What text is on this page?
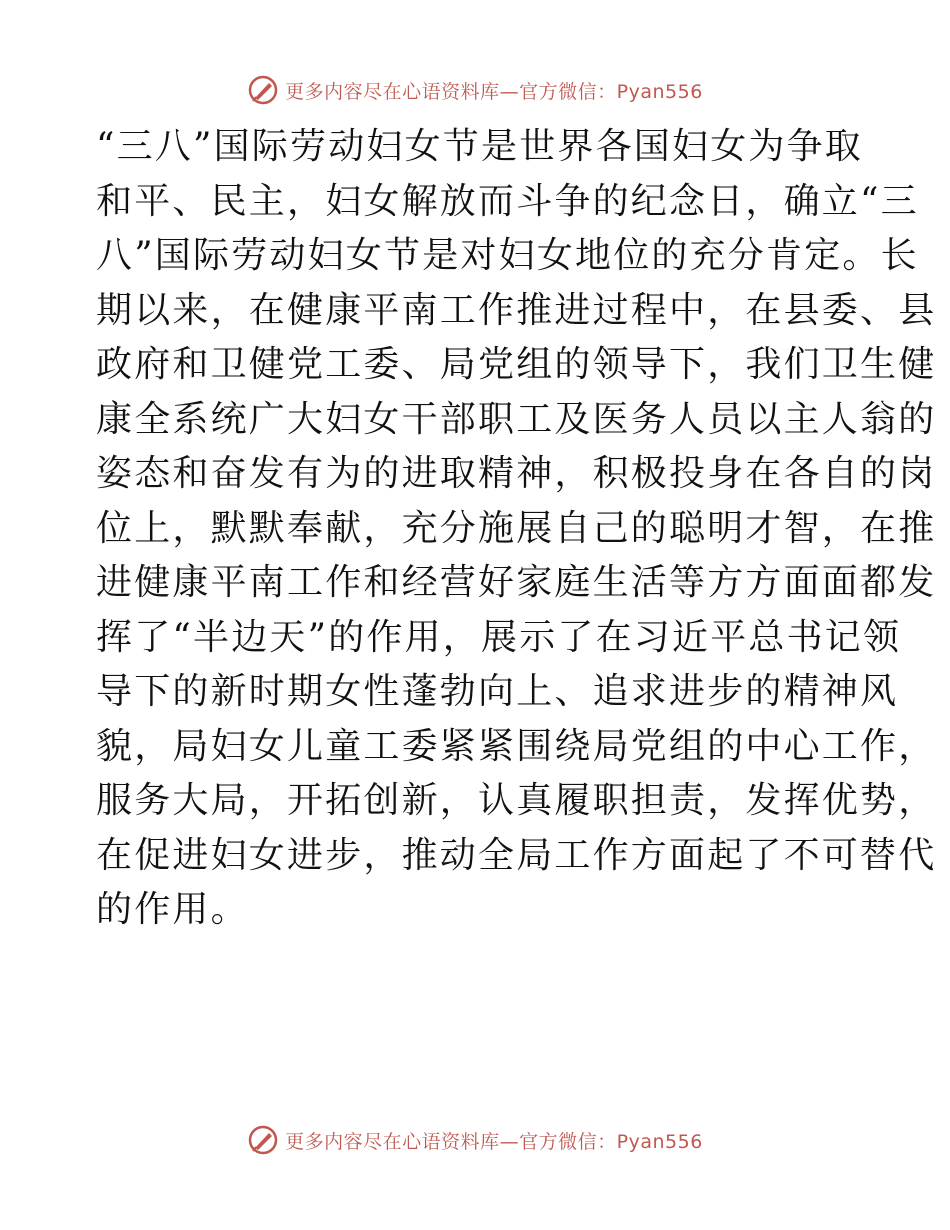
更多内容尽在心语资料库—官方微信：Pyan556
“三八”国际劳动妇女节是世界各国妇女为争取
和平、民主，妇女解放而斗争的纪念日，确立“三
八”国际劳动妇女节是对妇女地位的充分肯定。长
期以来，在健康平南工作推进过程中，在县委、县
政府和卫健党工委、局党组的领导下，我们卫生健
康全系统广大妇女干部职工及医务人员以主人翁的
姿态和奋发有为的进取精神，积极投身在各自的岗
位上，默默奉献，充分施展自己的聪明才智，在推
进健康平南工作和经营好家庭生活等方方面面都发
挥了“半边天”的作用，展示了在习近平总书记领
导下的新时期女性蓬勃向上、追求进步的精神风
貌，局妇女儿童工委紧紧围绕局党组的中心工作，
服务大局，开拓创新，认真履职担责，发挥优势，
在促进妇女进步，推动全局工作方面起了不可替代
的作用。
更多内容尽在心语资料库—官方微信：Pyan556
